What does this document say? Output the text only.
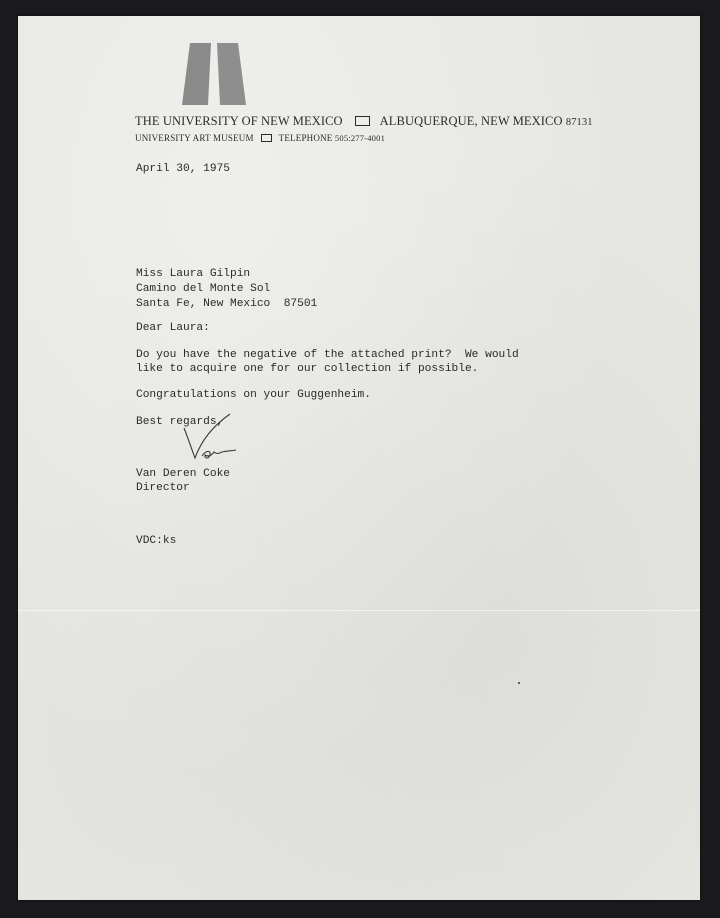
THE UNIVERSITY OF NEW MEXICO	ALBUQUERQUE, NEW MEXICO 87131
UNIVERSITY ART MUSEUM	TELEPHONE 505:277-4001
April 30, 1975
Miss Laura Gilpin
Camino del Monte Sol
Santa Fe, New Mexico  87501
Dear Laura:
Do you have the negative of the attached print?  We would
like to acquire one for our collection if possible.
Congratulations on your Guggenheim.
Best regards,
Van Deren Coke
Director
VDC:ks
